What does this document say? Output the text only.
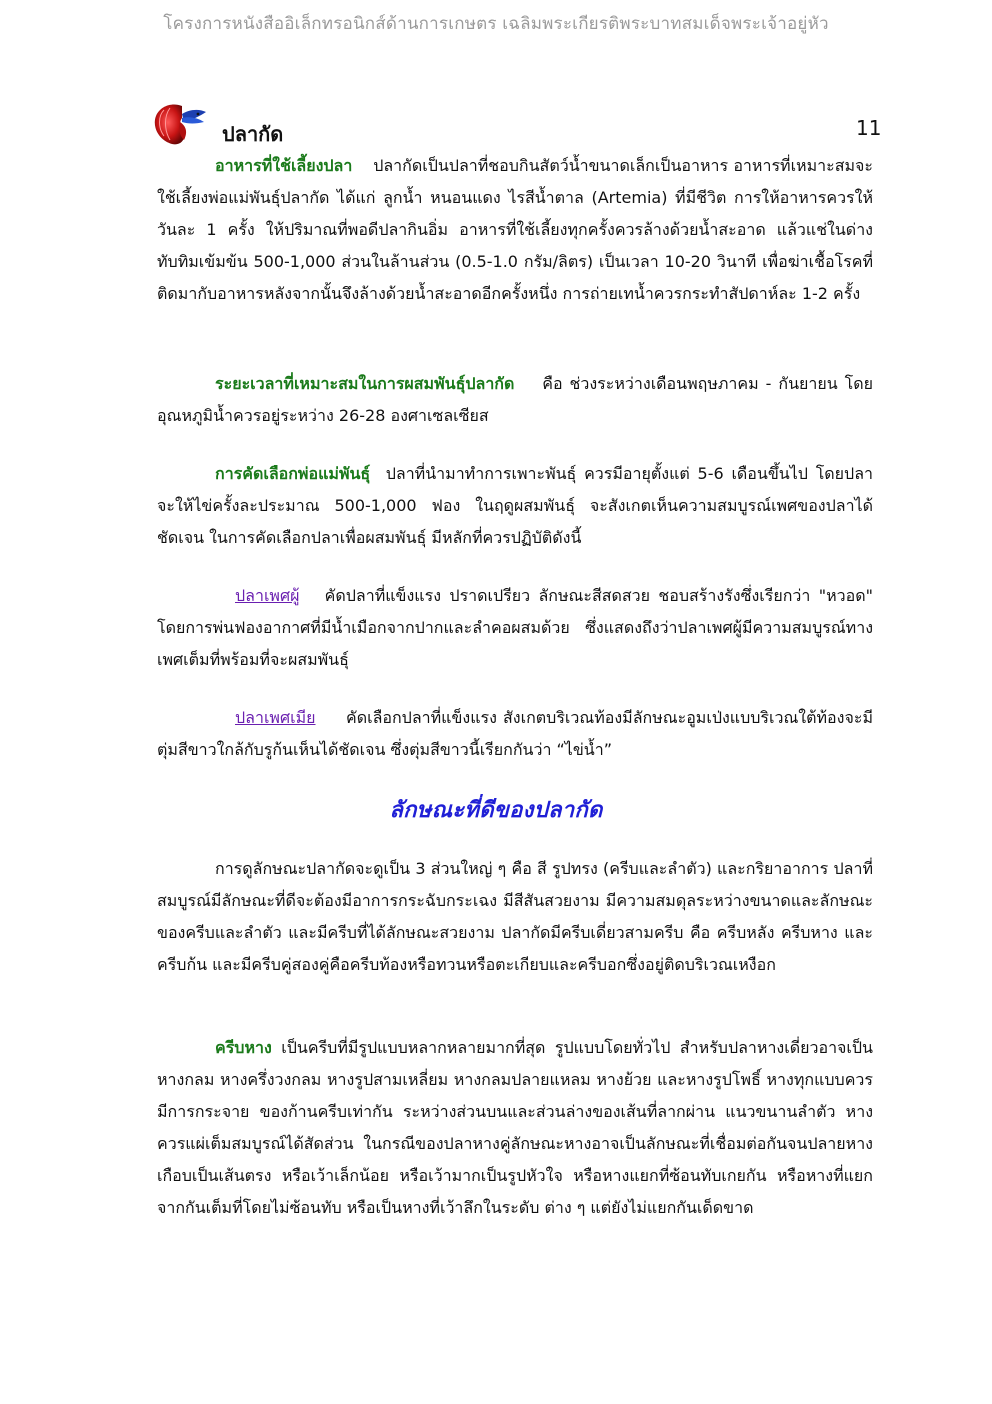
โครงการหนังสืออิเล็กทรอนิกส์ด้านการเกษตร เฉลิมพระเกียรติพระบาทสมเด็จพระเจ้าอยู่หัว
ปลากัด	11

อาหารที่ใช้เลี้ยงปลา ปลากัดเป็นปลาที่ชอบกินสัตว์น้ำขนาดเล็กเป็นอาหาร อาหารที่เหมาะสมจะใช้เลี้ยงพ่อแม่พันธุ์ปลากัด ได้แก่ ลูกน้ำ หนอนแดง ไรสีน้ำตาล (Artemia) ที่มีชีวิต การให้อาหารควรให้วันละ 1 ครั้ง ให้ปริมาณที่พอดีปลากินอิ่ม อาหารที่ใช้เลี้ยงทุกครั้งควรล้างด้วยน้ำสะอาด แล้วแช่ในด่างทับทิมเข้มข้น 500-1,000 ส่วนในล้านส่วน (0.5-1.0 กรัม/ลิตร) เป็นเวลา 10-20 วินาที เพื่อฆ่าเชื้อโรคที่ติดมากับอาหารหลังจากนั้นจึงล้างด้วยน้ำสะอาดอีกครั้งหนึ่ง การถ่ายเทน้ำควรกระทำสัปดาห์ละ 1-2 ครั้ง

ระยะเวลาที่เหมาะสมในการผสมพันธุ์ปลากัด คือ ช่วงระหว่างเดือนพฤษภาคม - กันยายน โดยอุณหภูมิน้ำควรอยู่ระหว่าง 26-28 องศาเซลเซียส

การคัดเลือกพ่อแม่พันธุ์ ปลาที่นำมาทำการเพาะพันธุ์ ควรมีอายุตั้งแต่ 5-6 เดือนขึ้นไป โดยปลาจะให้ไข่ครั้งละประมาณ 500-1,000 ฟอง ในฤดูผสมพันธุ์ จะสังเกตเห็นความสมบูรณ์เพศของปลาได้ชัดเจน ในการคัดเลือกปลาเพื่อผสมพันธุ์ มีหลักที่ควรปฏิบัติดังนี้

ปลาเพศผู้ คัดปลาที่แข็งแรง ปราดเปรียว ลักษณะสีสดสวย ชอบสร้างรังซึ่งเรียกว่า "หวอด" โดยการพ่นฟองอากาศที่มีน้ำเมือกจากปากและลำคอผสมด้วย ซึ่งแสดงถึงว่าปลาเพศผู้มีความสมบูรณ์ทางเพศเต็มที่พร้อมที่จะผสมพันธุ์

ปลาเพศเมีย คัดเลือกปลาที่แข็งแรง สังเกตบริเวณท้องมีลักษณะอูมเป่งแบบริเวณใต้ท้องจะมีตุ่มสีขาวใกล้กับรูก้นเห็นได้ชัดเจน ซึ่งตุ่มสีขาวนี้เรียกกันว่า “ไข่น้ำ”

ลักษณะที่ดีของปลากัด

การดูลักษณะปลากัดจะดูเป็น 3 ส่วนใหญ่ ๆ คือ สี รูปทรง (ครีบและลำตัว) และกริยาอาการ ปลาที่สมบูรณ์มีลักษณะที่ดีจะต้องมีอาการกระฉับกระเฉง มีสีสันสวยงาม มีความสมดุลระหว่างขนาดและลักษณะของครีบและลำตัว และมีครีบที่ได้ลักษณะสวยงาม ปลากัดมีครีบเดี่ยวสามครีบ คือ ครีบหลัง ครีบหาง และครีบก้น และมีครีบคู่สองคู่คือครีบท้องหรือทวนหรือตะเกียบและครีบอกซึ่งอยู่ติดบริเวณเหงือก

ครีบหาง เป็นครีบที่มีรูปแบบหลากหลายมากที่สุด รูปแบบโดยทั่วไป สำหรับปลาหางเดี่ยวอาจเป็นหางกลม หางครึ่งวงกลม หางรูปสามเหลี่ยม หางกลมปลายแหลม หางย้วย และหางรูปโพธิ์ หางทุกแบบควรมีการกระจาย ของก้านครีบเท่ากัน ระหว่างส่วนบนและส่วนล่างของเส้นที่ลากผ่าน แนวขนานลำตัว หางควรแผ่เต็มสมบูรณ์ได้สัดส่วน ในกรณีของปลาหางคู่ลักษณะหางอาจเป็นลักษณะที่เชื่อมต่อกันจนปลายหางเกือบเป็นเส้นตรง หรือเว้าเล็กน้อย หรือเว้ามากเป็นรูปหัวใจ หรือหางแยกที่ซ้อนทับเกยกัน หรือหางที่แยกจากกันเต็มที่โดยไม่ซ้อนทับ หรือเป็นหางที่เว้าลึกในระดับ ต่าง ๆ แต่ยังไม่แยกกันเด็ดขาด
